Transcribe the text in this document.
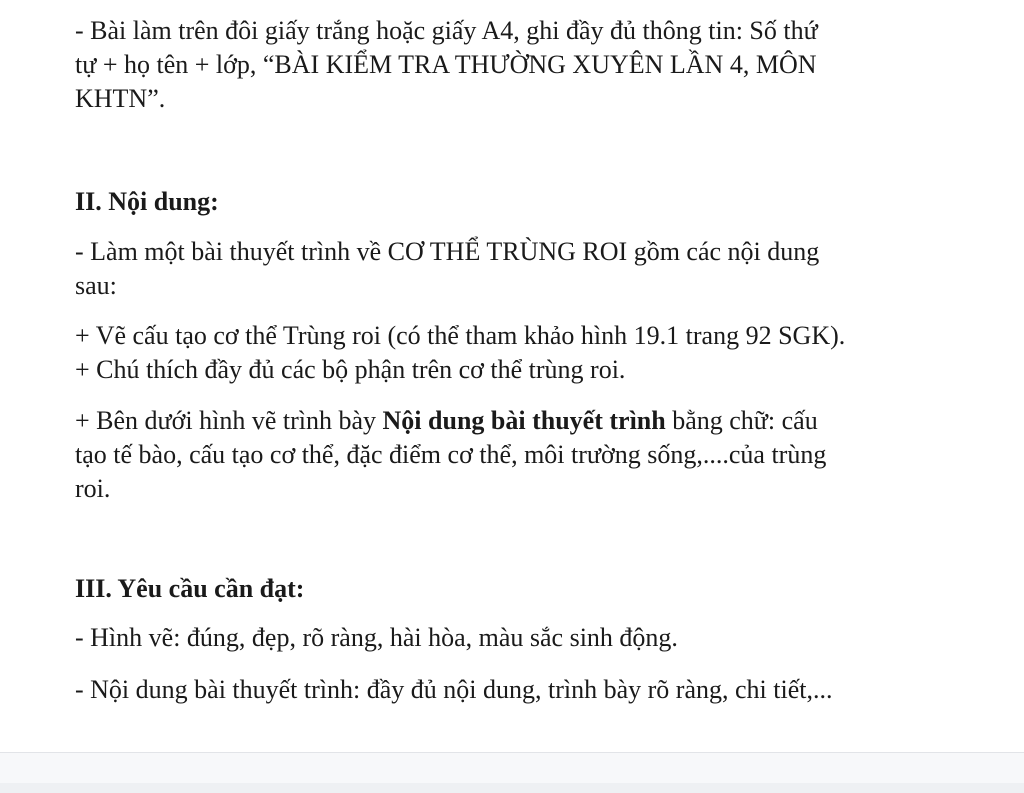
- Bài làm trên đôi giấy trắng hoặc giấy A4, ghi đầy đủ thông tin: Số thứ

tự + họ tên + lớp, “BÀI KIỂM TRA THƯỜNG XUYÊN LẦN 4, MÔN

KHTN”.

II. Nội dung:

- Làm một bài thuyết trình về CƠ THỂ TRÙNG ROI gồm các nội dung

sau:

+ Vẽ cấu tạo cơ thể Trùng roi (có thể tham khảo hình 19.1 trang 92 SGK).

+ Chú thích đầy đủ các bộ phận trên cơ thể trùng roi.

+ Bên dưới hình vẽ trình bày Nội dung bài thuyết trình bằng chữ: cấu

tạo tế bào, cấu tạo cơ thể, đặc điểm cơ thể, môi trường sống,....của trùng

roi.

III. Yêu cầu cần đạt:

- Hình vẽ: đúng, đẹp, rõ ràng, hài hòa, màu sắc sinh động.

- Nội dung bài thuyết trình: đầy đủ nội dung, trình bày rõ ràng, chi tiết,...
